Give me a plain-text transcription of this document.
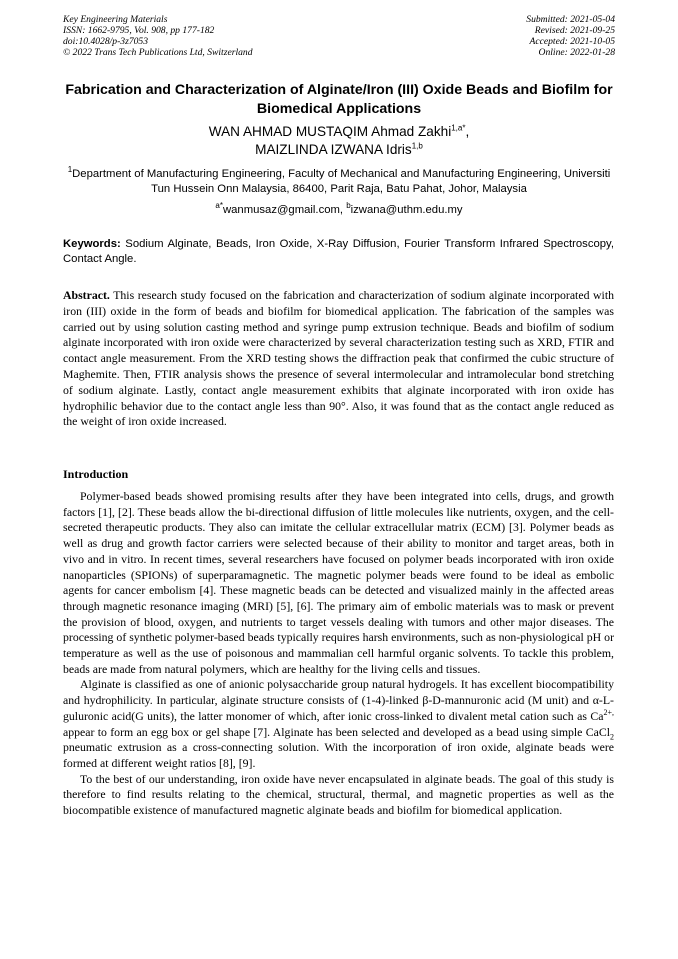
Key Engineering Materials
ISSN: 1662-9795, Vol. 908, pp 177-182
doi:10.4028/p-3z7053
© 2022 Trans Tech Publications Ltd, Switzerland
Submitted: 2021-05-04
Revised: 2021-09-25
Accepted: 2021-10-05
Online: 2022-01-28
Fabrication and Characterization of Alginate/Iron (III) Oxide Beads and Biofilm for Biomedical Applications
WAN AHMAD MUSTAQIM Ahmad Zakhi$^{1,a*}$,
MAIZLINDA IZWANA Idris$^{1,b}$
$^1$Department of Manufacturing Engineering, Faculty of Mechanical and Manufacturing Engineering, Universiti Tun Hussein Onn Malaysia, 86400, Parit Raja, Batu Pahat, Johor, Malaysia
$^{a*}$wanmusaz@gmail.com, $^b$izwana@uthm.edu.my
Keywords: Sodium Alginate, Beads, Iron Oxide, X-Ray Diffusion, Fourier Transform Infrared Spectroscopy, Contact Angle.
Abstract. This research study focused on the fabrication and characterization of sodium alginate incorporated with iron (III) oxide in the form of beads and biofilm for biomedical application. The fabrication of the samples was carried out by using solution casting method and syringe pump extrusion technique. Beads and biofilm of sodium alginate incorporated with iron oxide were characterized by several characterization testing such as XRD, FTIR and contact angle measurement. From the XRD testing shows the diffraction peak that confirmed the cubic structure of Maghemite. Then, FTIR analysis shows the presence of several intermolecular and intramolecular bond stretching of sodium alginate. Lastly, contact angle measurement exhibits that alginate incorporated with iron oxide has hydrophilic behavior due to the contact angle less than 90°. Also, it was found that as the contact angle reduced as the weight of iron oxide increased.
Introduction

Polymer-based beads showed promising results after they have been integrated into cells, drugs, and growth factors [1], [2]. These beads allow the bi-directional diffusion of little molecules like nutrients, oxygen, and the cell-secreted therapeutic products. They also can imitate the cellular extracellular matrix (ECM) [3]. Polymer beads as well as drug and growth factor carriers were selected because of their ability to monitor and target areas, both in vivo and in vitro. In recent times, several researchers have focused on polymer beads incorporated with iron oxide nanoparticles (SPIONs) of superparamagnetic. The magnetic polymer beads were found to be ideal as embolic agents for cancer embolism [4]. These magnetic beads can be detected and visualized mainly in the affected areas through magnetic resonance imaging (MRI) [5], [6]. The primary aim of embolic materials was to mask or prevent the provision of blood, oxygen, and nutrients to target vessels dealing with tumors and other major diseases. The processing of synthetic polymer-based beads typically requires harsh environments, such as non-physiological pH or temperature as well as the use of poisonous and mammalian cell harmful organic solvents. To tackle this problem, beads are made from natural polymers, which are healthy for the living cells and tissues.

Alginate is classified as one of anionic polysaccharide group natural hydrogels. It has excellent biocompatibility and hydrophilicity. In particular, alginate structure consists of (1-4)-linked β-D-mannuronic acid (M unit) and α-L-guluronic acid(G units), the latter monomer of which, after ionic cross-linked to divalent metal cation such as $Ca^{2+,}$ appear to form an egg box or gel shape [7]. Alginate has been selected and developed as a bead using simple CaCl$_2$ pneumatic extrusion as a cross-connecting solution. With the incorporation of iron oxide, alginate beads were formed at different weight ratios [8], [9].

To the best of our understanding, iron oxide have never encapsulated in alginate beads. The goal of this study is therefore to find results relating to the chemical, structural, thermal, and magnetic properties as well as the biocompatible existence of manufactured magnetic alginate beads and biofilm for biomedical application.
